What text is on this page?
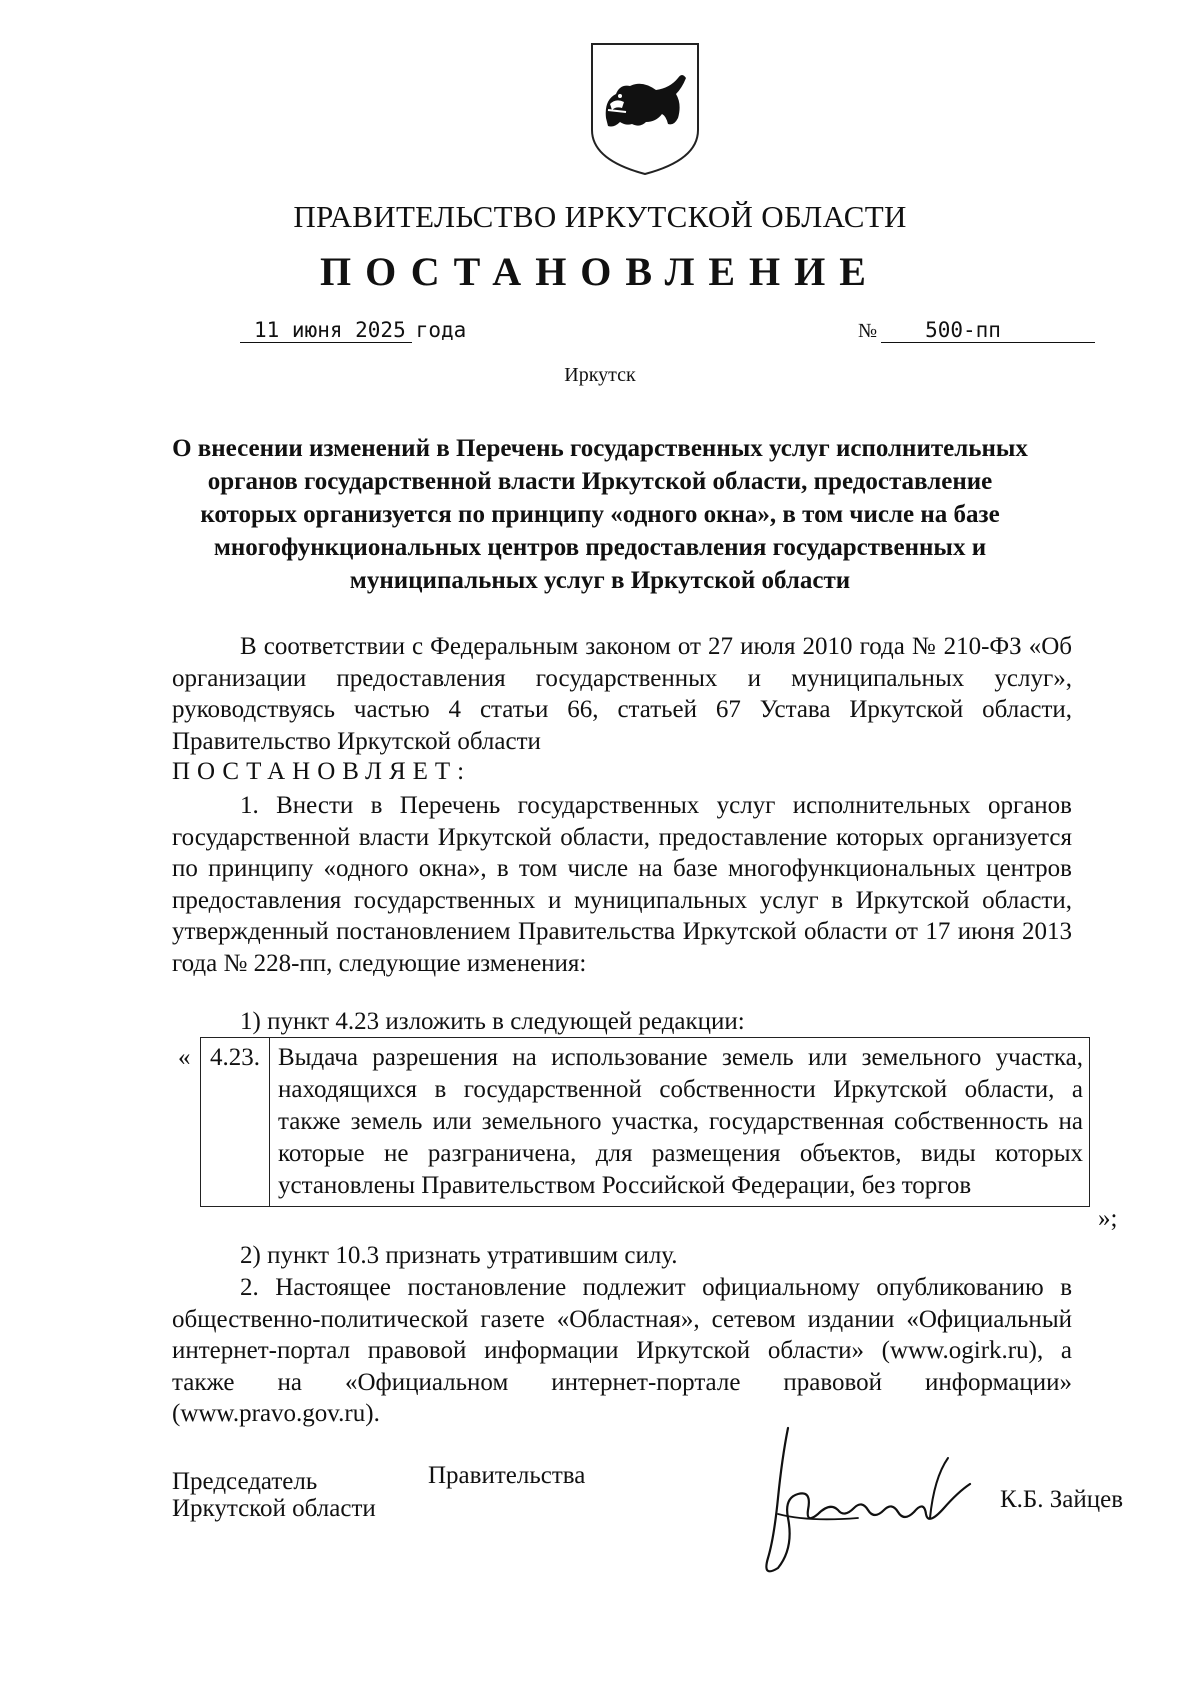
ПРАВИТЕЛЬСТВО ИРКУТСКОЙ ОБЛАСТИ
ПОСТАНОВЛЕНИЕ
11 июня 2025 года	№	500-пп
Иркутск
О внесении изменений в Перечень государственных услуг исполнительных органов государственной власти Иркутской области, предоставление которых организуется по принципу «одного окна», в том числе на базе многофункциональных центров предоставления государственных и муниципальных услуг в Иркутской области
В соответствии с Федеральным законом от 27 июля 2010 года № 210-ФЗ «Об организации предоставления государственных и муниципальных услуг», руководствуясь частью 4 статьи 66, статьей 67 Устава Иркутской области, Правительство Иркутской области
ПОСТАНОВЛЯЕТ:
1. Внести в Перечень государственных услуг исполнительных органов государственной власти Иркутской области, предоставление которых организуется по принципу «одного окна», в том числе на базе многофункциональных центров предоставления государственных и муниципальных услуг в Иркутской области, утвержденный постановлением Правительства Иркутской области от 17 июня 2013 года № 228-пп, следующие изменения:
1) пункт 4.23 изложить в следующей редакции:
« 4.23.	Выдача разрешения на использование земель или земельного участка, находящихся в государственной собственности Иркутской области, а также земель или земельного участка, государственная собственность на которые не разграничена, для размещения объектов, виды которых установлены Правительством Российской Федерации, без торгов
»;
2) пункт 10.3 признать утратившим силу.
2. Настоящее постановление подлежит официальному опубликованию в общественно-политической газете «Областная», сетевом издании «Официальный интернет-портал правовой информации Иркутской области» (www.ogirk.ru), а также на «Официальном интернет-портале правовой информации» (www.pravo.gov.ru).
Председатель
Иркутской области
Правительства
К.Б. Зайцев
